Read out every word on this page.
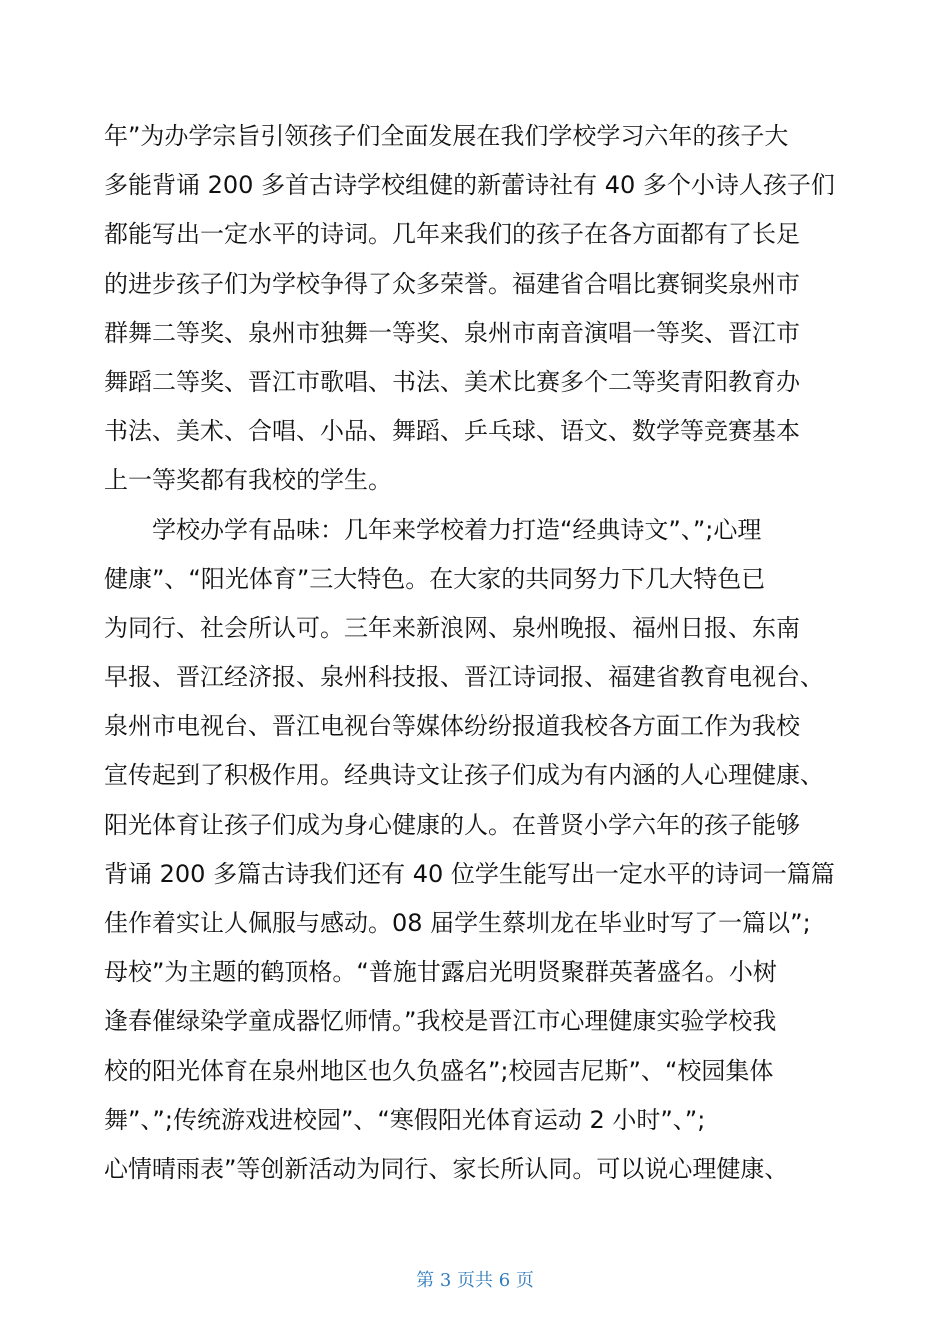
年”为办学宗旨引领孩子们全面发展在我们学校学习六年的孩子大
多能背诵 200 多首古诗学校组健的新蕾诗社有 40 多个小诗人孩子们
都能写出一定水平的诗词。几年来我们的孩子在各方面都有了长足
的进步孩子们为学校争得了众多荣誉。福建省合唱比赛铜奖泉州市
群舞二等奖、泉州市独舞一等奖、泉州市南音演唱一等奖、晋江市
舞蹈二等奖、晋江市歌唱、书法、美术比赛多个二等奖青阳教育办
书法、美术、合唱、小品、舞蹈、乒乓球、语文、数学等竞赛基本
上一等奖都有我校的学生。
学校办学有品味：几年来学校着力打造“经典诗文”、”;心理
健康”、“阳光体育”三大特色。在大家的共同努力下几大特色已
为同行、社会所认可。三年来新浪网、泉州晚报、福州日报、东南
早报、晋江经济报、泉州科技报、晋江诗词报、福建省教育电视台、
泉州市电视台、晋江电视台等媒体纷纷报道我校各方面工作为我校
宣传起到了积极作用。经典诗文让孩子们成为有内涵的人心理健康、
阳光体育让孩子们成为身心健康的人。在普贤小学六年的孩子能够
背诵 200 多篇古诗我们还有 40 位学生能写出一定水平的诗词一篇篇
佳作着实让人佩服与感动。08 届学生蔡圳龙在毕业时写了一篇以”;
母校”为主题的鹤顶格。“普施甘露启光明贤聚群英著盛名。小树
逢春催绿染学童成器忆师情。”我校是晋江市心理健康实验学校我
校的阳光体育在泉州地区也久负盛名”;校园吉尼斯”、“校园集体
舞”、”;传统游戏进校园”、“寒假阳光体育运动 2 小时”、”;
心情晴雨表”等创新活动为同行、家长所认同。可以说心理健康、
第 3 页共 6 页
